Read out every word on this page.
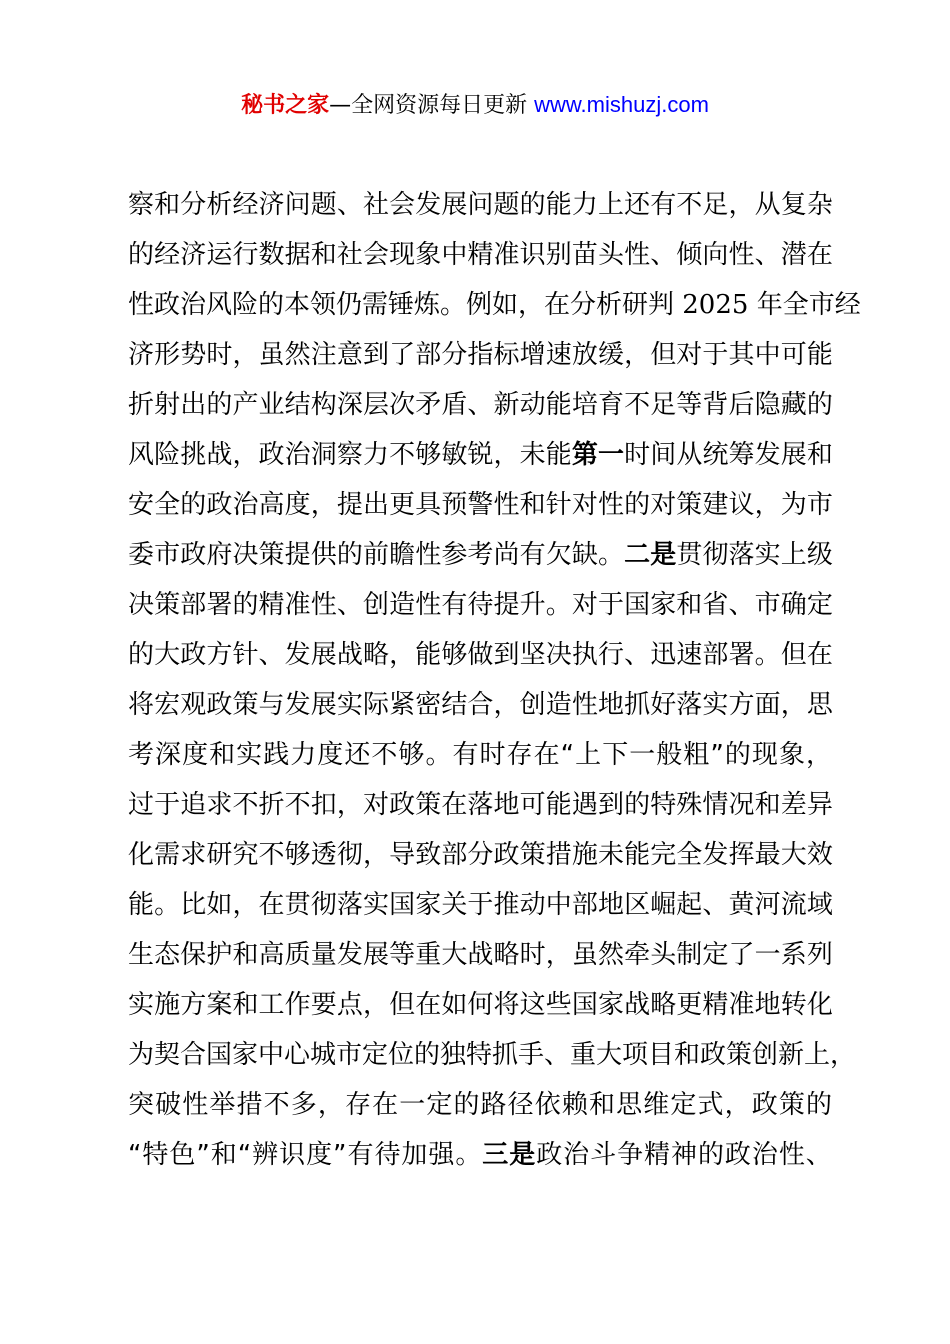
秘书之家—全网资源每日更新 www.mishuzj.com
察和分析经济问题、社会发展问题的能力上还有不足，从复杂
的经济运行数据和社会现象中精准识别苗头性、倾向性、潜在
性政治风险的本领仍需锤炼。例如，在分析研判 2025 年全市经
济形势时，虽然注意到了部分指标增速放缓，但对于其中可能
折射出的产业结构深层次矛盾、新动能培育不足等背后隐藏的
风险挑战，政治洞察力不够敏锐，未能第一时间从统筹发展和
安全的政治高度，提出更具预警性和针对性的对策建议，为市
委市政府决策提供的前瞻性参考尚有欠缺。二是贯彻落实上级
决策部署的精准性、创造性有待提升。对于国家和省、市确定
的大政方针、发展战略，能够做到坚决执行、迅速部署。但在
将宏观政策与发展实际紧密结合，创造性地抓好落实方面，思
考深度和实践力度还不够。有时存在“上下一般粗”的现象，
过于追求不折不扣，对政策在落地可能遇到的特殊情况和差异
化需求研究不够透彻，导致部分政策措施未能完全发挥最大效
能。比如，在贯彻落实国家关于推动中部地区崛起、黄河流域
生态保护和高质量发展等重大战略时，虽然牵头制定了一系列
实施方案和工作要点，但在如何将这些国家战略更精准地转化
为契合国家中心城市定位的独特抓手、重大项目和政策创新上，
突破性举措不多，存在一定的路径依赖和思维定式，政策的
“特色”和“辨识度”有待加强。三是政治斗争精神的政治性、
